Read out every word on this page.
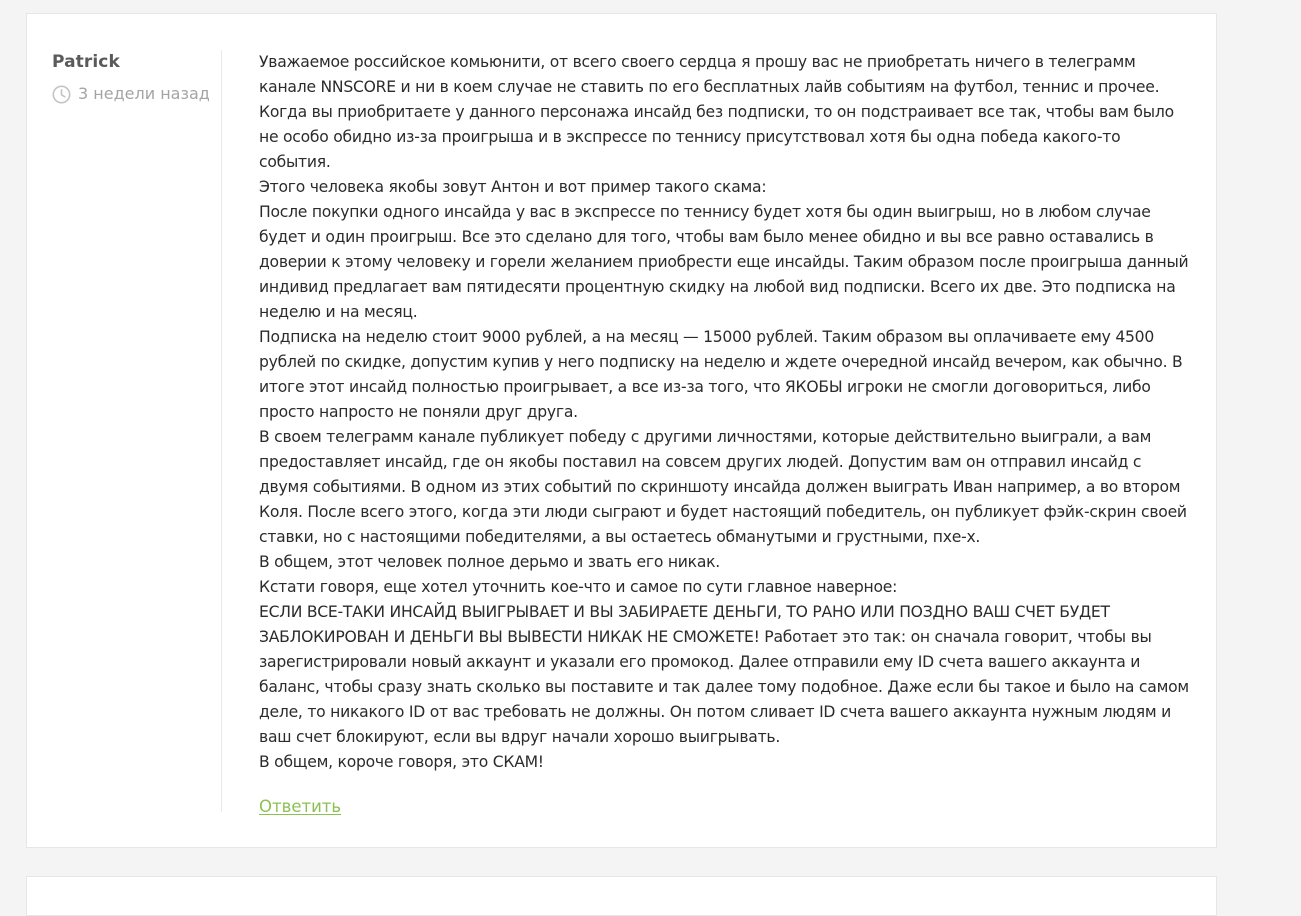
Patrick
3 недели назад

Уважаемое российское комьюнити, от всего своего сердца я прошу вас не приобретать ничего в телеграмм канале NNSCORE и ни в коем случае не ставить по его бесплатных лайв событиям на футбол, теннис и прочее. Когда вы приобритаете у данного персонажа инсайд без подписки, то он подстраивает все так, чтобы вам было не особо обидно из-за проигрыша и в экспрессе по теннису присутствовал хотя бы одна победа какого-то события.
Этого человека якобы зовут Антон и вот пример такого скама:
После покупки одного инсайда у вас в экспрессе по теннису будет хотя бы один выигрыш, но в любом случае будет и один проигрыш. Все это сделано для того, чтобы вам было менее обидно и вы все равно оставались в доверии к этому человеку и горели желанием приобрести еще инсайды. Таким образом после проигрыша данный индивид предлагает вам пятидесяти процентную скидку на любой вид подписки. Всего их две. Это подписка на неделю и на месяц.
Подписка на неделю стоит 9000 рублей, а на месяц — 15000 рублей. Таким образом вы оплачиваете ему 4500 рублей по скидке, допустим купив у него подписку на неделю и ждете очередной инсайд вечером, как обычно. В итоге этот инсайд полностью проигрывает, а все из-за того, что ЯКОБЫ игроки не смогли договориться, либо просто напросто не поняли друг друга.
В своем телеграмм канале публикует победу с другими личностями, которые действительно выиграли, а вам предоставляет инсайд, где он якобы поставил на совсем других людей. Допустим вам он отправил инсайд с двумя событиями. В одном из этих событий по скриншоту инсайда должен выиграть Иван например, а во втором Коля. После всего этого, когда эти люди сыграют и будет настоящий победитель, он публикует фэйк-скрин своей ставки, но с настоящими победителями, а вы остаетесь обманутыми и грустными, пхе-х.
В общем, этот человек полное дерьмо и звать его никак.
Кстати говоря, еще хотел уточнить кое-что и самое по сути главное наверное:
ЕСЛИ ВСЕ-ТАКИ ИНСАЙД ВЫИГРЫВАЕТ И ВЫ ЗАБИРАЕТЕ ДЕНЬГИ, ТО РАНО ИЛИ ПОЗДНО ВАШ СЧЕТ БУДЕТ ЗАБЛОКИРОВАН И ДЕНЬГИ ВЫ ВЫВЕСТИ НИКАК НЕ СМОЖЕТЕ! Работает это так: он сначала говорит, чтобы вы зарегистрировали новый аккаунт и указали его промокод. Далее отправили ему ID счета вашего аккаунта и баланс, чтобы сразу знать сколько вы поставите и так далее тому подобное. Даже если бы такое и было на самом деле, то никакого ID от вас требовать не должны. Он потом сливает ID счета вашего аккаунта нужным людям и ваш счет блокируют, если вы вдруг начали хорошо выигрывать.
В общем, короче говоря, это СКАМ!

Ответить
